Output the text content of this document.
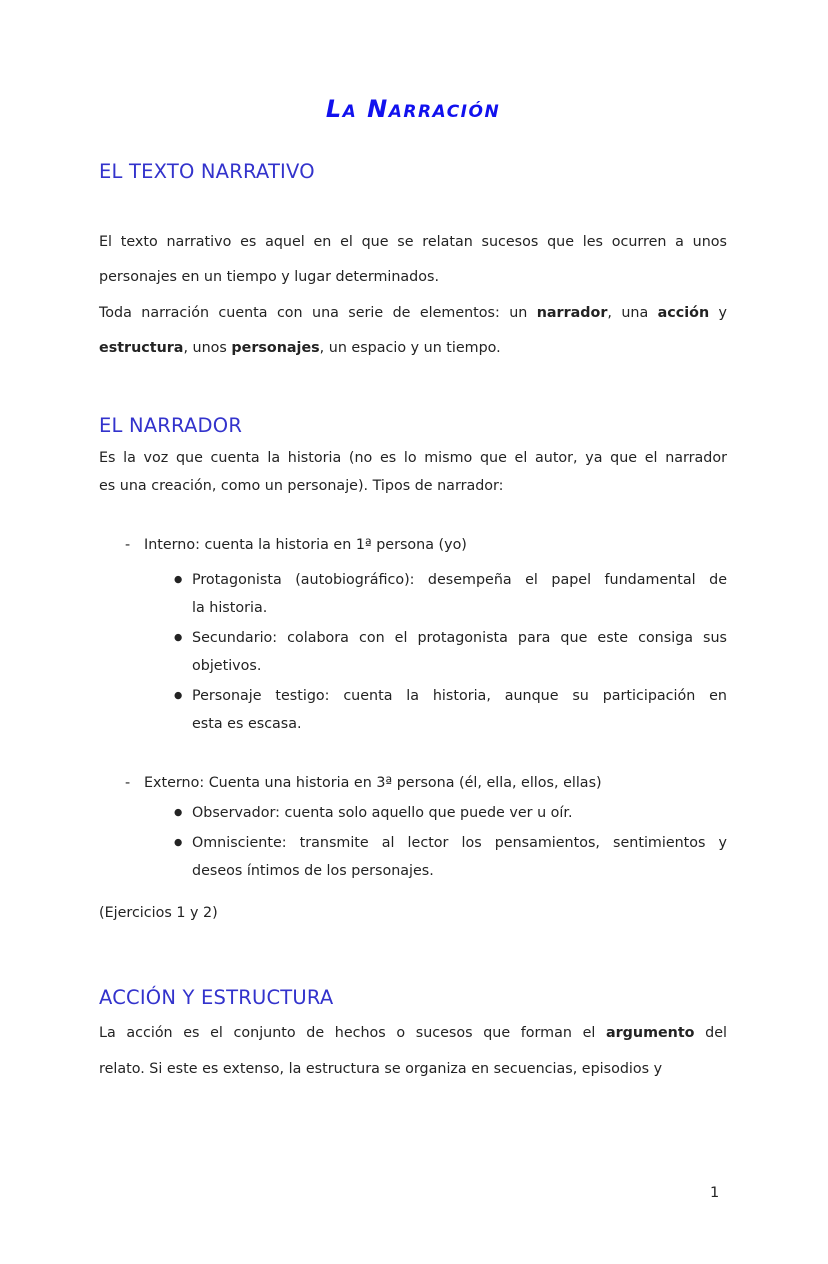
La Narración
EL TEXTO NARRATIVO
El texto narrativo es aquel en el que se relatan sucesos que les ocurren a unos
personajes en un tiempo y lugar determinados.
Toda narración cuenta con una serie de elementos: un narrador, una acción y
estructura, unos personajes, un espacio y un tiempo.
EL NARRADOR
Es la voz que cuenta la historia (no es lo mismo que el autor, ya que el narrador
es una creación, como un personaje). Tipos de narrador:
- Interno: cuenta la historia en 1ª persona (yo)
● Protagonista (autobiográfico): desempeña el papel fundamental de
la historia.
● Secundario: colabora con el protagonista para que este consiga sus
objetivos.
● Personaje testigo: cuenta la historia, aunque su participación en
esta es escasa.
- Externo: Cuenta una historia en 3ª persona (él, ella, ellos, ellas)
● Observador: cuenta solo aquello que puede ver u oír.
● Omnisciente: transmite al lector los pensamientos, sentimientos y
deseos íntimos de los personajes.
(Ejercicios 1 y 2)
ACCIÓN Y ESTRUCTURA
La acción es el conjunto de hechos o sucesos que forman el argumento del
relato. Si este es extenso, la estructura se organiza en secuencias, episodios y
1
